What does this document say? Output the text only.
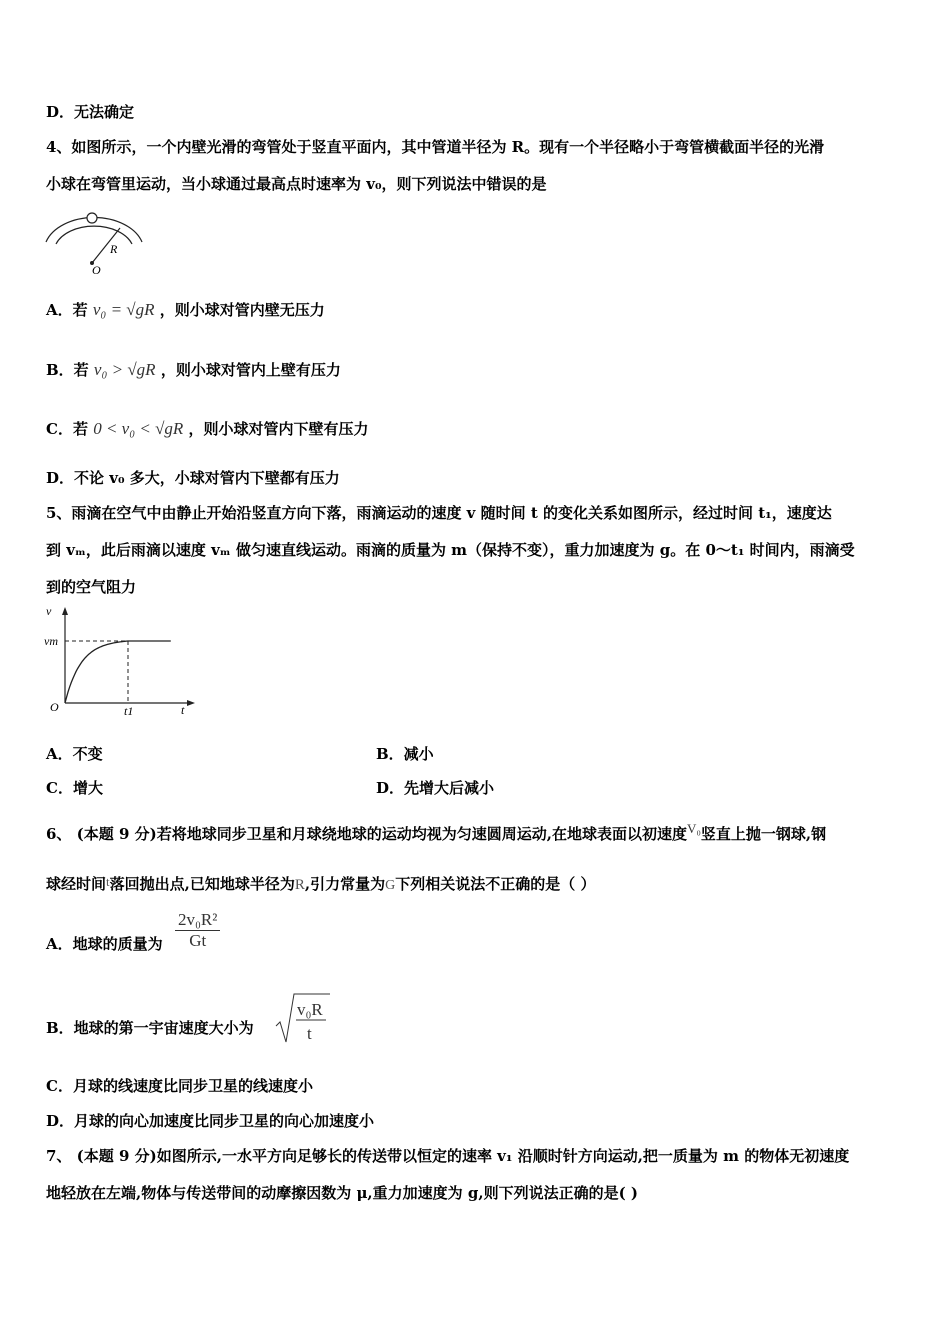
D．无法确定
4、如图所示，一个内壁光滑的弯管处于竖直平面内，其中管道半径为 R。现有一个半径略小于弯管横截面半径的光滑
小球在弯管里运动，当小球通过最高点时速率为 v₀，则下列说法中错误的是
R
O
A．若 v₀ = √gR ，则小球对管内壁无压力
B．若 v₀ > √gR ，则小球对管内上壁有压力
C．若 0 < v₀ < √gR ，则小球对管内下壁有压力
D．不论 v₀ 多大，小球对管内下壁都有压力
5、雨滴在空气中由静止开始沿竖直方向下落，雨滴运动的速度 v 随时间 t 的变化关系如图所示，经过时间 t₁，速度达
到 vₘ，此后雨滴以速度 vₘ 做匀速直线运动。雨滴的质量为 m（保持不变），重力加速度为 g。在 0～t₁ 时间内，雨滴受
到的空气阻力
v
vm
O	t1	t
A．不变	B．减小
C．增大	D．先增大后减小
6、 (本题 9 分)若将地球同步卫星和月球绕地球的运动均视为匀速圆周运动,在地球表面以初速度V₀竖直上抛一钢球,钢
球经时间t落回抛出点,已知地球半径为R,引力常量为G下列相关说法不正确的是（ ）
A．地球的质量为 $\frac{\text{2v₀R²}}{Gt}$
B．地球的第一宇宙速度大小为
v₀R
t
C．月球的线速度比同步卫星的线速度小
D．月球的向心加速度比同步卫星的向心加速度小
7、 (本题 9 分)如图所示,一水平方向足够长的传送带以恒定的速率 v₁ 沿顺时针方向运动,把一质量为 m 的物体无初速度
地轻放在左端,物体与传送带间的动摩擦因数为 μ,重力加速度为 g,则下列说法正确的是( )
